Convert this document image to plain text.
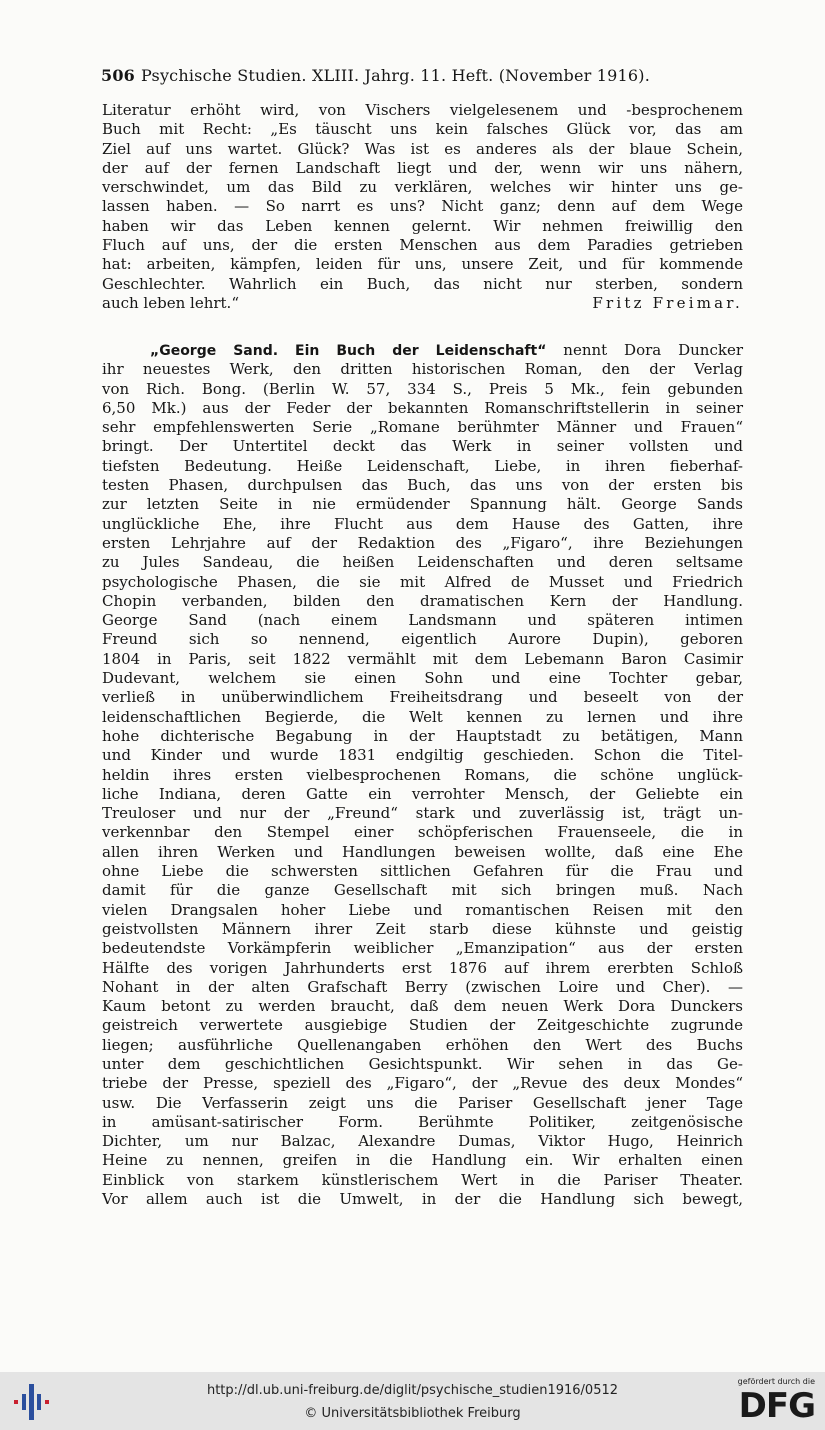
506 Psychische Studien. XLIII. Jahrg. 11. Heft. (November 1916).
Literatur erhöht wird, von Vischers vielgelesenem und -besprochenem
Buch mit Recht: „Es täuscht uns kein falsches Glück vor, das am
Ziel auf uns wartet. Glück? Was ist es anderes als der blaue Schein,
der auf der fernen Landschaft liegt und der, wenn wir uns nähern,
verschwindet, um das Bild zu verklären, welches wir hinter uns ge-
lassen haben. — So narrt es uns? Nicht ganz; denn auf dem Wege
haben wir das Leben kennen gelernt. Wir nehmen freiwillig den
Fluch auf uns, der die ersten Menschen aus dem Paradies getrieben
hat: arbeiten, kämpfen, leiden für uns, unsere Zeit, und für kommende
Geschlechter. Wahrlich ein Buch, das nicht nur sterben, sondern
auch leben lehrt.“	Fritz Freimar.
„George Sand. Ein Buch der Leidenschaft“ nennt Dora Duncker
ihr neuestes Werk, den dritten historischen Roman, den der Verlag
von Rich. Bong. (Berlin W. 57, 334 S., Preis 5 Mk., fein gebunden
6,50 Mk.) aus der Feder der bekannten Romanschriftstellerin in seiner
sehr empfehlenswerten Serie „Romane berühmter Männer und Frauen“
bringt. Der Untertitel deckt das Werk in seiner vollsten und
tiefsten Bedeutung. Heiße Leidenschaft, Liebe, in ihren fieberhaf-
testen Phasen, durchpulsen das Buch, das uns von der ersten bis
zur letzten Seite in nie ermüdender Spannung hält. George Sands
unglückliche Ehe, ihre Flucht aus dem Hause des Gatten, ihre
ersten Lehrjahre auf der Redaktion des „Figaro“, ihre Beziehungen
zu Jules Sandeau, die heißen Leidenschaften und deren seltsame
psychologische Phasen, die sie mit Alfred de Musset und Friedrich
Chopin verbanden, bilden den dramatischen Kern der Handlung.
George Sand (nach einem Landsmann und späteren intimen
Freund sich so nennend, eigentlich Aurore Dupin), geboren
1804 in Paris, seit 1822 vermählt mit dem Lebemann Baron Casimir
Dudevant, welchem sie einen Sohn und eine Tochter gebar,
verließ in unüberwindlichem Freiheitsdrang und beseelt von der
leidenschaftlichen Begierde, die Welt kennen zu lernen und ihre
hohe dichterische Begabung in der Hauptstadt zu betätigen, Mann
und Kinder und wurde 1831 endgiltig geschieden. Schon die Titel-
heldin ihres ersten vielbesprochenen Romans, die schöne unglück-
liche Indiana, deren Gatte ein verrohter Mensch, der Geliebte ein
Treuloser und nur der „Freund“ stark und zuverlässig ist, trägt un-
verkennbar den Stempel einer schöpferischen Frauenseele, die in
allen ihren Werken und Handlungen beweisen wollte, daß eine Ehe
ohne Liebe die schwersten sittlichen Gefahren für die Frau und
damit für die ganze Gesellschaft mit sich bringen muß. Nach
vielen Drangsalen hoher Liebe und romantischen Reisen mit den
geistvollsten Männern ihrer Zeit starb diese kühnste und geistig
bedeutendste Vorkämpferin weiblicher „Emanzipation“ aus der ersten
Hälfte des vorigen Jahrhunderts erst 1876 auf ihrem ererbten Schloß
Nohant in der alten Grafschaft Berry (zwischen Loire und Cher). —
Kaum betont zu werden braucht, daß dem neuen Werk Dora Dunckers
geistreich verwertete ausgiebige Studien der Zeitgeschichte zugrunde
liegen; ausführliche Quellenangaben erhöhen den Wert des Buchs
unter dem geschichtlichen Gesichtspunkt. Wir sehen in das Ge-
triebe der Presse, speziell des „Figaro“, der „Revue des deux Mondes“
usw. Die Verfasserin zeigt uns die Pariser Gesellschaft jener Tage
in amüsant-satirischer Form. Berühmte Politiker, zeitgenösische
Dichter, um nur Balzac, Alexandre Dumas, Viktor Hugo, Heinrich
Heine zu nennen, greifen in die Handlung ein. Wir erhalten einen
Einblick von starkem künstlerischem Wert in die Pariser Theater.
Vor allem auch ist die Umwelt, in der die Handlung sich bewegt,
http://dl.ub.uni-freiburg.de/diglit/psychische_studien1916/0512
© Universitätsbibliothek Freiburg
gefördert durch die
DFG
